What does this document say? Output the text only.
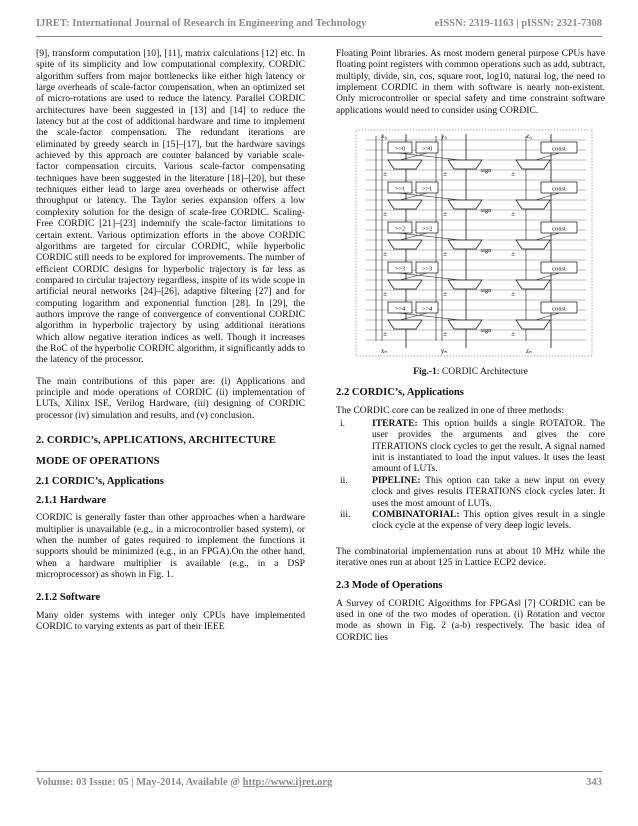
IJRET: International Journal of Research in Engineering and Technology	eISSN: 2319-1163 | pISSN: 2321-7308

[9], transform computation [10], [11], matrix calculations [12] etc. In spite of its simplicity and low computational complexity, CORDIC algorithm suffers from major bottlenecks like either high latency or large overheads of scale-factor compensation, when an optimized set of micro-rotations are used to reduce the latency. Parallel CORDIC architectures have been suggested in [13] and [14] to reduce the latency but at the cost of additional hardware and time to implement the scale-factor compensation. The redundant iterations are eliminated by greedy search in [15]–[17], but the hardware savings achieved by this approach are counter balanced by variable scale-factor compensation circuits. Various scale-factor compensating techniques have been suggested in the literature [18]–[20], but these techniques either lead to large area overheads or otherwise affect throughput or latency. The Taylor series expansion offers a low complexity solution for the design of scale-free CORDIC. Scaling-Free CORDIC [21]–[23] indemnify the scale-factor limitations to certain extent. Various optimization efforts in the above CORDIC algorithms are targeted for circular CORDIC, while hyperbolic CORDIC still needs to be explored for improvements. The number of efficient CORDIC designs for hyperbolic trajectory is far less as compared to circular trajectory regardless, inspite of its wide scope in artificial neural networks [24]–[26], adaptive filtering [27] and for computing logarithm and exponential function [28]. In [29], the authors improve the range of convergence of conventional CORDIC algorithm in hyperbolic trajectory by using additional iterations which allow negative iteration indices as well. Though it increases the RoC of the hyperbolic CORDIC algorithm, it significantly adds to the latency of the processor.

The main contributions of this paper are: (i) Applications and principle and mode operations of CORDIC (ii) implementation of LUTs, Xilinx ISE, Verilog Hardware, (iii) designing of CORDIC processor (iv) simulation and results, and (v) conclusion.

2. CORDIC’s, APPLICATIONS, ARCHITECTURE
MODE OF OPERATIONS
2.1 CORDIC’s, Applications
2.1.1 Hardware

CORDIC is generally faster than other approaches when a hardware multiplier is unavailable (e.g., in a microcontroller based system), or when the number of gates required to implement the functions it supports should be minimized (e.g., in an FPGA).On the other hand, when a hardware multiplier is available (e.g., in a DSP microprocessor) as shown in Fig. 1.

2.1.2 Software

Many older systems with integer only CPUs have implemented CORDIC to varying extents as part of their IEEE

Floating Point libraries. As most modern general purpose CPUs have floating point registers with common operations such as add, subtract, multiply, divide, sin, cos, square root, log10, natural log, the need to implement CORDIC in them with software is nearly non-existent. Only microcontroller or special safety and time constraint software applications would need to consider using CORDIC.

x₀	y₀	z₀
xₙ	yₙ	zₙ
>>0	>>0	const
±	±	±
sign
>>1	>>1	const
±	±	±
sign
>>2	>>2	const
±	±	±
sign
>>3	>>3	const
±	±	±
sign
>>4	>>4	const
±	±	±
sign
Fig.-1: CORDIC Architecture
2.2 CORDIC’s, Applications

The CORDIC core can be realized in one of three methods:

i.	ITERATE: This option builds a single ROTATOR. The user provides the arguments and gives the core ITERATIONS clock cycles to get the result. A signal named init is instantiated to load the input values. It uses the least amount of LUTs.
ii.	PIPELINE: This option can take a new input on every clock and gives results ITERATIONS clock cycles later. It uses the most amount of LUTs.
iii.	COMBINATORIAL: This option gives result in a single clock cycle at the expense of very deep logic levels.

The combinatorial implementation runs at about 10 MHz while the iterative ones run at about 125 in Lattice ECP2 device.

2.3 Mode of Operations

A Survey of CORDIC Algorithms for FPGAs‖ [7] CORDIC can be used in one of the two modes of operation. (i) Rotation and vector mode as shown in Fig. 2 (a-b) respectively. The basic idea of CORDIC lies

Volume: 03 Issue: 05 | May-2014, Available @ http://www.ijret.org	343
